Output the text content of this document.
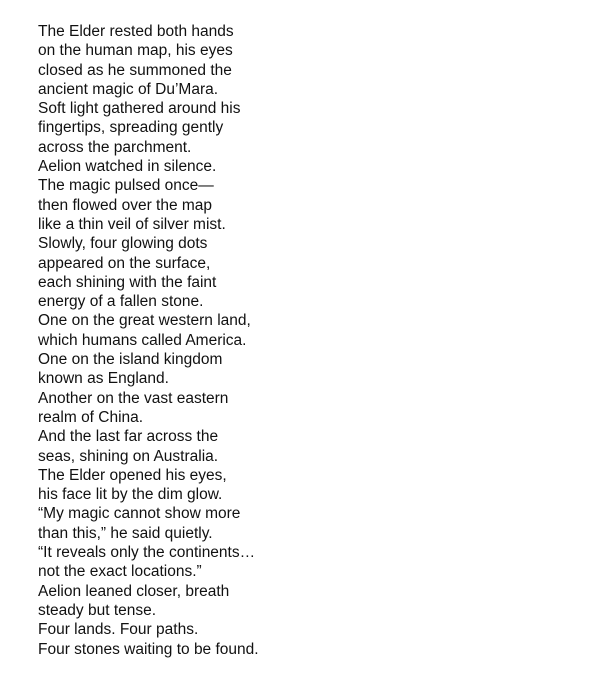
The Elder rested both hands
on the human map, his eyes
closed as he summoned the
ancient magic of Du’Mara.
Soft light gathered around his
fingertips, spreading gently
across the parchment.
Aelion watched in silence.
The magic pulsed once—
then flowed over the map
like a thin veil of silver mist.
Slowly, four glowing dots
appeared on the surface,
each shining with the faint
energy of a fallen stone.
One on the great western land,
which humans called America.
One on the island kingdom
known as England.
Another on the vast eastern
realm of China.
And the last far across the
seas, shining on Australia.
The Elder opened his eyes,
his face lit by the dim glow.
“My magic cannot show more
than this,” he said quietly.
“It reveals only the continents…
not the exact locations.”
Aelion leaned closer, breath
steady but tense.
Four lands. Four paths.
Four stones waiting to be found.
